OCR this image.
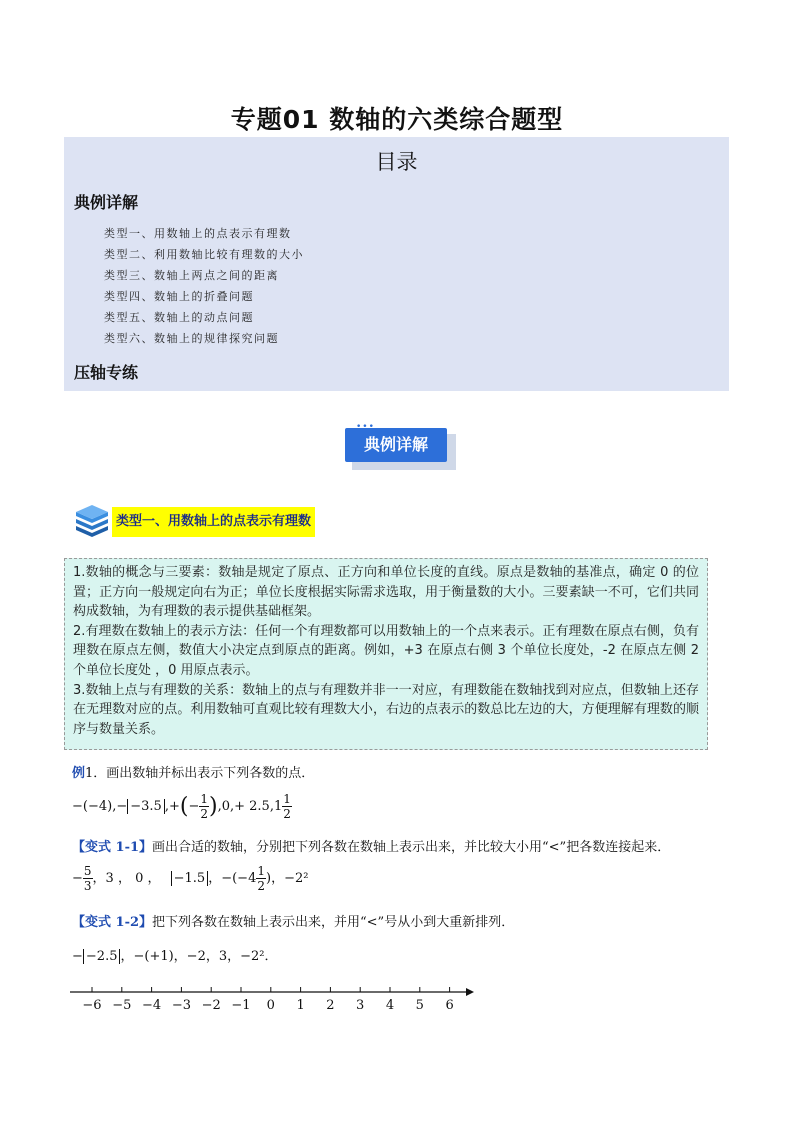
专题01 数轴的六类综合题型
目录
典例详解
类型一、用数轴上的点表示有理数
类型二、利用数轴比较有理数的大小
类型三、数轴上两点之间的距离
类型四、数轴上的折叠问题
类型五、数轴上的动点问题
类型六、数轴上的规律探究问题
压轴专练
典例详解
•••
类型一、用数轴上的点表示有理数

1.数轴的概念与三要素：数轴是规定了原点、正方向和单位长度的直线。原点是数轴的基准点，确定 0 的位置；正方向一般规定向右为正；单位长度根据实际需求选取，用于衡量数的大小。三要素缺一不可，它们共同构成数轴，为有理数的表示提供基础框架。

2.有理数在数轴上的表示方法：任何一个有理数都可以用数轴上的一个点来表示。正有理数在原点右侧，负有理数在原点左侧，数值大小决定点到原点的距离。例如，+3 在原点右侧 3 个单位长度处，-2 在原点左侧 2 个单位长度处 ，0 用原点表示。

3.数轴上点与有理数的关系：数轴上的点与有理数并非一一对应，有理数能在数轴找到对应点，但数轴上还存在无理数对应的点。利用数轴可直观比较有理数大小，右边的点表示的数总比左边的大，方便理解有理数的顺序与数量关系。

例1．画出数轴并标出表示下列各数的点．
−(−4),− −3.5 ,+(− $\frac{1}{2} ),0,+ 2.5,1 \frac{1}{2}$
【变式 1-1】画出合适的数轴，分别把下列各数在数轴上表示出来，并比较大小用“<”把各数连接起来．
− $\frac{5}{3}$ ，3 ， 0 ， −1.5 ，$-(-4 \frac{1}{2}$ )，−2²
【变式 1-2】把下列各数在数轴上表示出来，并用“<”号从小到大重新排列．
− −2.5 ，−(+1)，−2，3，−2²．
−6 −5 −4 −3 −2 −1 0 1 2 3 4 5 6
